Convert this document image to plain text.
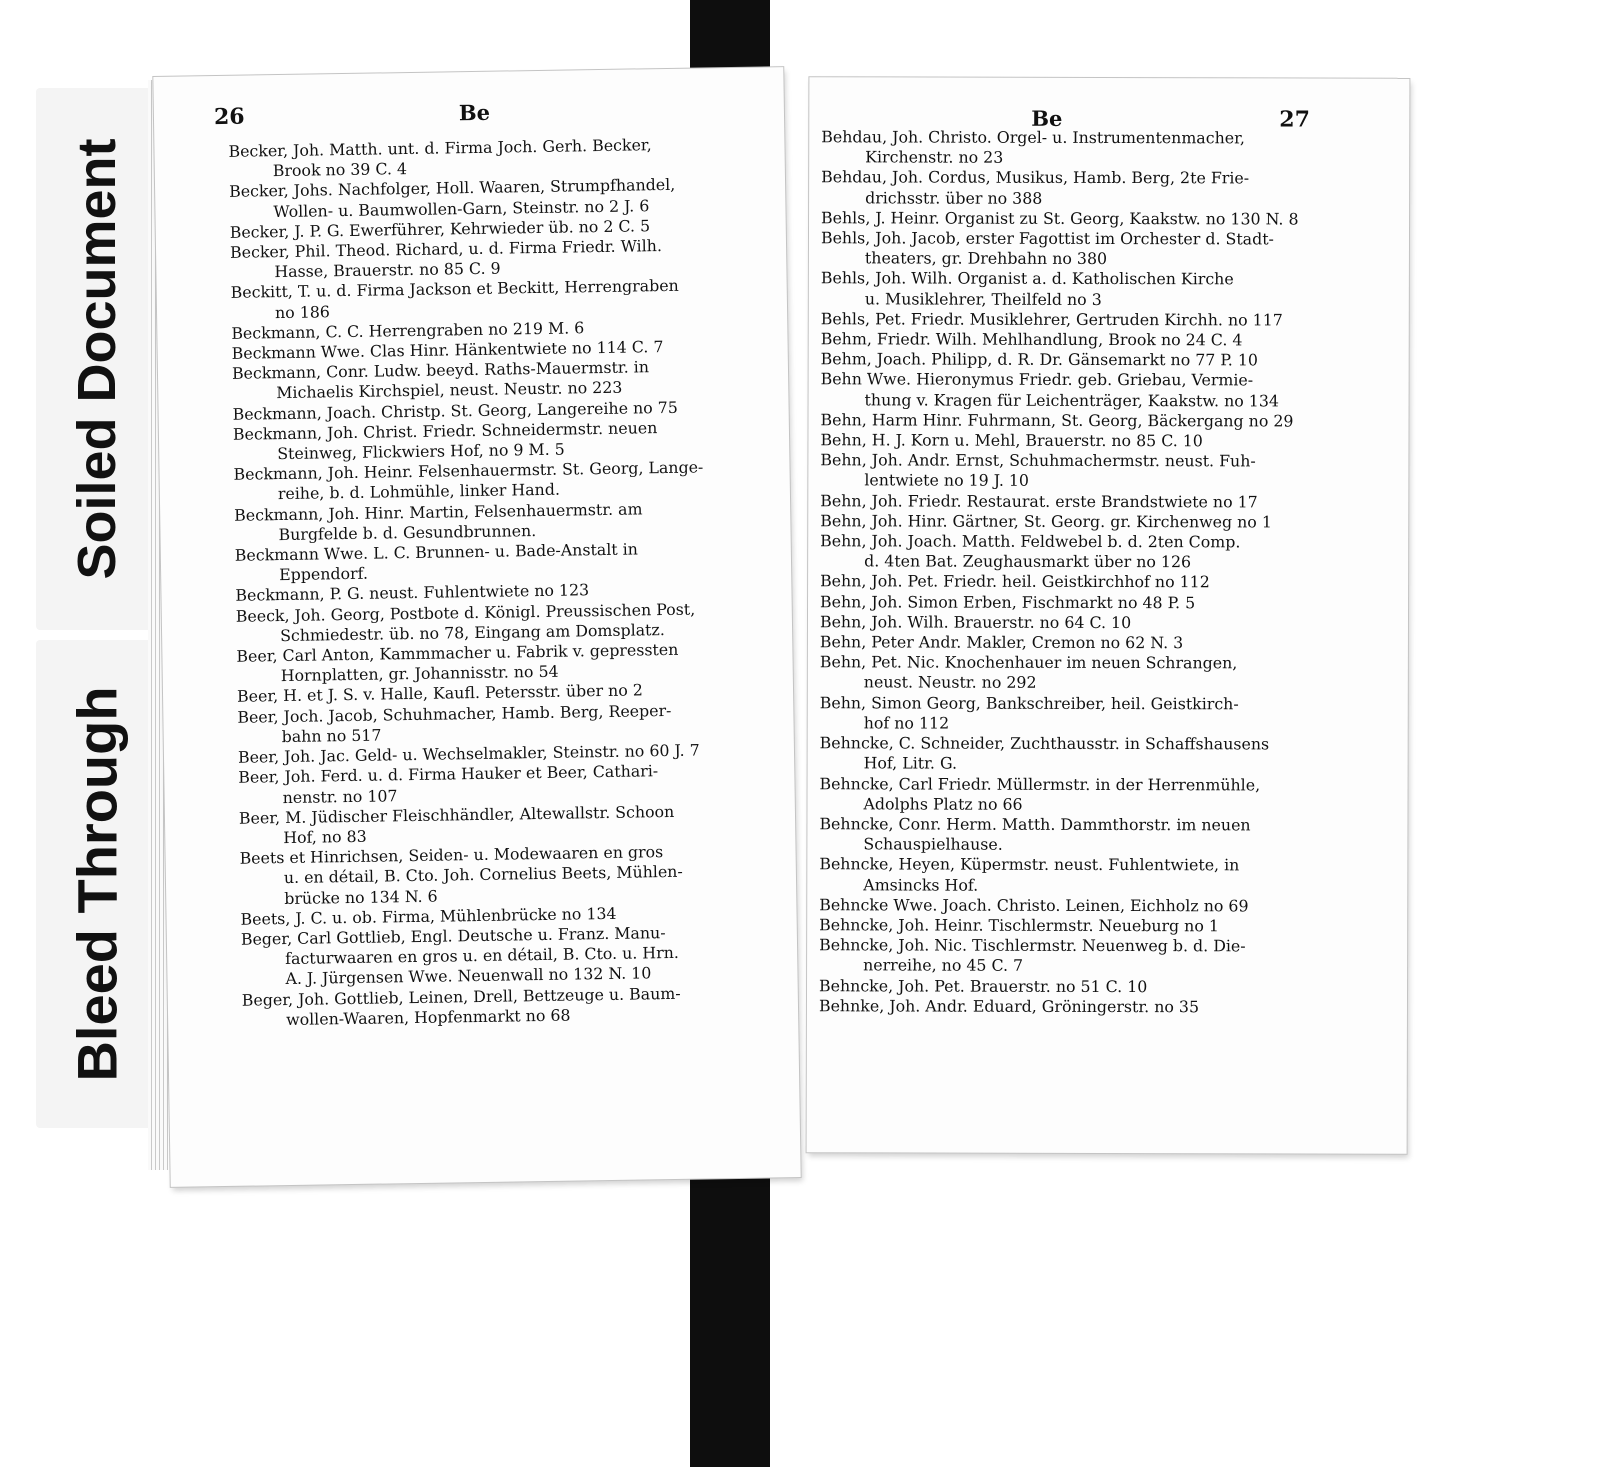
Soiled Document
Bleed Through
26	Be
Becker, Joh. Matth. unt. d. Firma Joch. Gerh. Becker,
Brook no 39 C. 4
Becker, Johs. Nachfolger, Holl. Waaren, Strumpfhandel,
Wollen- u. Baumwollen-Garn, Steinstr. no 2 J. 6
Becker, J. P. G. Ewerführer, Kehrwieder üb. no 2 C. 5
Becker, Phil. Theod. Richard, u. d. Firma Friedr. Wilh.
Hasse, Brauerstr. no 85 C. 9
Beckitt, T. u. d. Firma Jackson et Beckitt, Herrengraben
no 186
Beckmann, C. C. Herrengraben no 219 M. 6
Beckmann Wwe. Clas Hinr. Hänkentwiete no 114 C. 7
Beckmann, Conr. Ludw. beeyd. Raths-Mauermstr. in
Michaelis Kirchspiel, neust. Neustr. no 223
Beckmann, Joach. Christp. St. Georg, Langereihe no 75
Beckmann, Joh. Christ. Friedr. Schneidermstr. neuen
Steinweg, Flickwiers Hof, no 9 M. 5
Beckmann, Joh. Heinr. Felsenhauermstr. St. Georg, Lange-
reihe, b. d. Lohmühle, linker Hand.
Beckmann, Joh. Hinr. Martin, Felsenhauermstr. am
Burgfelde b. d. Gesundbrunnen.
Beckmann Wwe. L. C. Brunnen- u. Bade-Anstalt in
Eppendorf.
Beckmann, P. G. neust. Fuhlentwiete no 123
Beeck, Joh. Georg, Postbote d. Königl. Preussischen Post,
Schmiedestr. üb. no 78, Eingang am Domsplatz.
Beer, Carl Anton, Kammmacher u. Fabrik v. gepressten
Hornplatten, gr. Johannisstr. no 54
Beer, H. et J. S. v. Halle, Kaufl. Petersstr. über no 2
Beer, Joch. Jacob, Schuhmacher, Hamb. Berg, Reeper-
bahn no 517
Beer, Joh. Jac. Geld- u. Wechselmakler, Steinstr. no 60 J. 7
Beer, Joh. Ferd. u. d. Firma Hauker et Beer, Cathari-
nenstr. no 107
Beer, M. Jüdischer Fleischhändler, Altewallstr. Schoon
Hof, no 83
Beets et Hinrichsen, Seiden- u. Modewaaren en gros
u. en détail, B. Cto. Joh. Cornelius Beets, Mühlen-
brücke no 134 N. 6
Beets, J. C. u. ob. Firma, Mühlenbrücke no 134
Beger, Carl Gottlieb, Engl. Deutsche u. Franz. Manu-
facturwaaren en gros u. en détail, B. Cto. u. Hrn.
A. J. Jürgensen Wwe. Neuenwall no 132 N. 10
Beger, Joh. Gottlieb, Leinen, Drell, Bettzeuge u. Baum-
wollen-Waaren, Hopfenmarkt no 68
Be	27
Behdau, Joh. Christo. Orgel- u. Instrumentenmacher,
Kirchenstr. no 23
Behdau, Joh. Cordus, Musikus, Hamb. Berg, 2te Frie-
drichsstr. über no 388
Behls, J. Heinr. Organist zu St. Georg, Kaakstw. no 130 N. 8
Behls, Joh. Jacob, erster Fagottist im Orchester d. Stadt-
theaters, gr. Drehbahn no 380
Behls, Joh. Wilh. Organist a. d. Katholischen Kirche
u. Musiklehrer, Theilfeld no 3
Behls, Pet. Friedr. Musiklehrer, Gertruden Kirchh. no 117
Behm, Friedr. Wilh. Mehlhandlung, Brook no 24 C. 4
Behm, Joach. Philipp, d. R. Dr. Gänsemarkt no 77 P. 10
Behn Wwe. Hieronymus Friedr. geb. Griebau, Vermie-
thung v. Kragen für Leichenträger, Kaakstw. no 134
Behn, Harm Hinr. Fuhrmann, St. Georg, Bäckergang no 29
Behn, H. J. Korn u. Mehl, Brauerstr. no 85 C. 10
Behn, Joh. Andr. Ernst, Schuhmachermstr. neust. Fuh-
lentwiete no 19 J. 10
Behn, Joh. Friedr. Restaurat. erste Brandstwiete no 17
Behn, Joh. Hinr. Gärtner, St. Georg. gr. Kirchenweg no 1
Behn, Joh. Joach. Matth. Feldwebel b. d. 2ten Comp.
d. 4ten Bat. Zeughausmarkt über no 126
Behn, Joh. Pet. Friedr. heil. Geistkirchhof no 112
Behn, Joh. Simon Erben, Fischmarkt no 48 P. 5
Behn, Joh. Wilh. Brauerstr. no 64 C. 10
Behn, Peter Andr. Makler, Cremon no 62 N. 3
Behn, Pet. Nic. Knochenhauer im neuen Schrangen,
neust. Neustr. no 292
Behn, Simon Georg, Bankschreiber, heil. Geistkirch-
hof no 112
Behncke, C. Schneider, Zuchthausstr. in Schaffshausens
Hof, Litr. G.
Behncke, Carl Friedr. Müllermstr. in der Herrenmühle,
Adolphs Platz no 66
Behncke, Conr. Herm. Matth. Dammthorstr. im neuen
Schauspielhause.
Behncke, Heyen, Küpermstr. neust. Fuhlentwiete, in
Amsincks Hof.
Behncke Wwe. Joach. Christo. Leinen, Eichholz no 69
Behncke, Joh. Heinr. Tischlermstr. Neueburg no 1
Behncke, Joh. Nic. Tischlermstr. Neuenweg b. d. Die-
nerreihe, no 45 C. 7
Behncke, Joh. Pet. Brauerstr. no 51 C. 10
Behnke, Joh. Andr. Eduard, Gröningerstr. no 35
